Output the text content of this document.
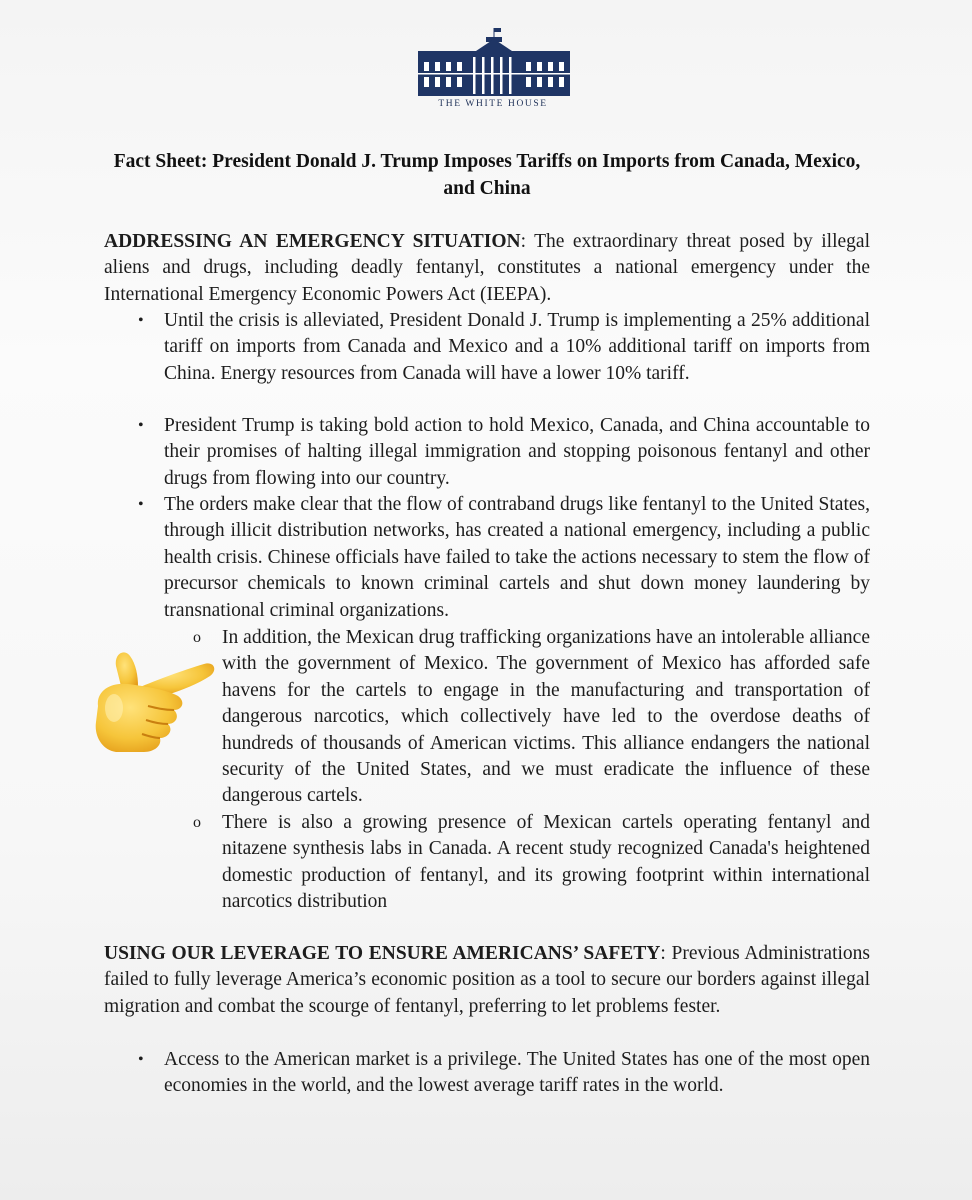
THE WHITE HOUSE
Fact Sheet: President Donald J. Trump Imposes Tariffs on Imports from Canada, Mexico, and China

ADDRESSING AN EMERGENCY SITUATION: The extraordinary threat posed by illegal aliens and drugs, including deadly fentanyl, constitutes a national emergency under the International Emergency Economic Powers Act (IEEPA).

• Until the crisis is alleviated, President Donald J. Trump is implementing a 25% additional tariff on imports from Canada and Mexico and a 10% additional tariff on imports from China. Energy resources from Canada will have a lower 10% tariff.
• President Trump is taking bold action to hold Mexico, Canada, and China accountable to their promises of halting illegal immigration and stopping poisonous fentanyl and other drugs from flowing into our country.
• The orders make clear that the flow of contraband drugs like fentanyl to the United States, through illicit distribution networks, has created a national emergency, including a public health crisis. Chinese officials have failed to take the actions necessary to stem the flow of precursor chemicals to known criminal cartels and shut down money laundering by transnational criminal organizations.
o In addition, the Mexican drug trafficking organizations have an intolerable alliance with the government of Mexico. The government of Mexico has afforded safe havens for the cartels to engage in the manufacturing and transportation of dangerous narcotics, which collectively have led to the overdose deaths of hundreds of thousands of American victims. This alliance endangers the national security of the United States, and we must eradicate the influence of these dangerous cartels.
o There is also a growing presence of Mexican cartels operating fentanyl and nitazene synthesis labs in Canada. A recent study recognized Canada's heightened domestic production of fentanyl, and its growing footprint within international narcotics distribution

USING OUR LEVERAGE TO ENSURE AMERICANS’ SAFETY: Previous Administrations failed to fully leverage America’s economic position as a tool to secure our borders against illegal migration and combat the scourge of fentanyl, preferring to let problems fester.

• Access to the American market is a privilege. The United States has one of the most open economies in the world, and the lowest average tariff rates in the world.
